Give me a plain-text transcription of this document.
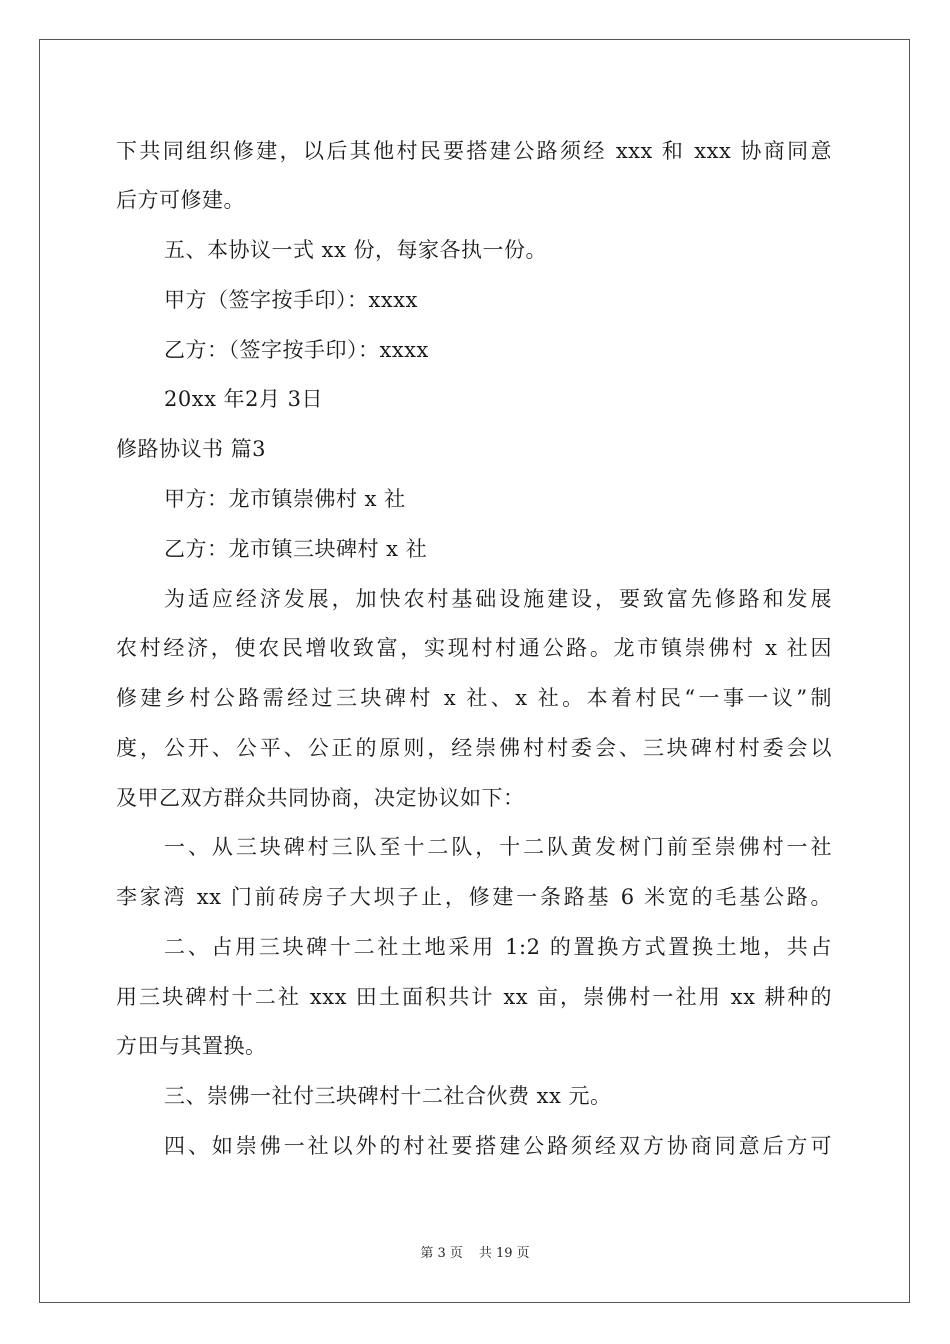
下共同组织修建，以后其他村民要搭建公路须经 xxx 和 xxx 协商同意
后方可修建。
五、本协议一式 xx 份，每家各执一份。
甲方（签字按手印）：xxxx
乙方：（签字按手印）：xxxx
20xx 年2月 3日
修路协议书 篇3
甲方：龙市镇崇佛村 x 社
乙方：龙市镇三块碑村 x 社
为适应经济发展，加快农村基础设施建设，要致富先修路和发展
农村经济，使农民增收致富，实现村村通公路。龙市镇崇佛村 x 社因
修建乡村公路需经过三块碑村 x 社、x 社。本着村民“一事一议”制
度，公开、公平、公正的原则，经崇佛村村委会、三块碑村村委会以
及甲乙双方群众共同协商，决定协议如下：
一、从三块碑村三队至十二队，十二队黄发树门前至崇佛村一社
李家湾 xx 门前砖房子大坝子止，修建一条路基 6 米宽的毛基公路。
二、占用三块碑十二社土地采用 1:2 的置换方式置换土地，共占
用三块碑村十二社 xxx 田土面积共计 xx 亩，崇佛村一社用 xx 耕种的
方田与其置换。
三、崇佛一社付三块碑村十二社合伙费 xx 元。
四、如崇佛一社以外的村社要搭建公路须经双方协商同意后方可
第 3 页 共 19 页
